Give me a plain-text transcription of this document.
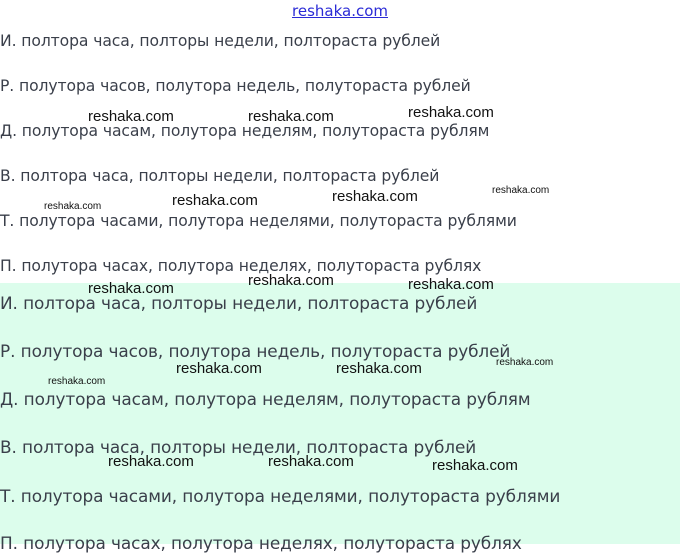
reshaka.com
И. полтора часа, полторы недели, полтораста рублей
Р. полутора часов, полутора недель, полутораста рублей
Д. полутора часам, полутора неделям, полутораста рублям
В. полтора часа, полторы недели, полтораста рублей
Т. полутора часами, полутора неделями, полутораста рублями
П. полутора часах, полутора неделях, полутораста рублях
И. полтора часа, полторы недели, полтораста рублей
Р. полутора часов, полутора недель, полутораста рублей
Д. полутора часам, полутора неделям, полутораста рублям
В. полтора часа, полторы недели, полтораста рублей
Т. полутора часами, полутора неделями, полутораста рублями
П. полутора часах, полутора неделях, полутораста рублях
reshaka.com	reshaka.com	reshaka.com
reshaka.com	reshaka.com	reshaka.com
reshaka.com
reshaka.com	reshaka.com	reshaka.com
reshaka.com	reshaka.com	reshaka.com
reshaka.com
reshaka.com	reshaka.com	reshaka.com
